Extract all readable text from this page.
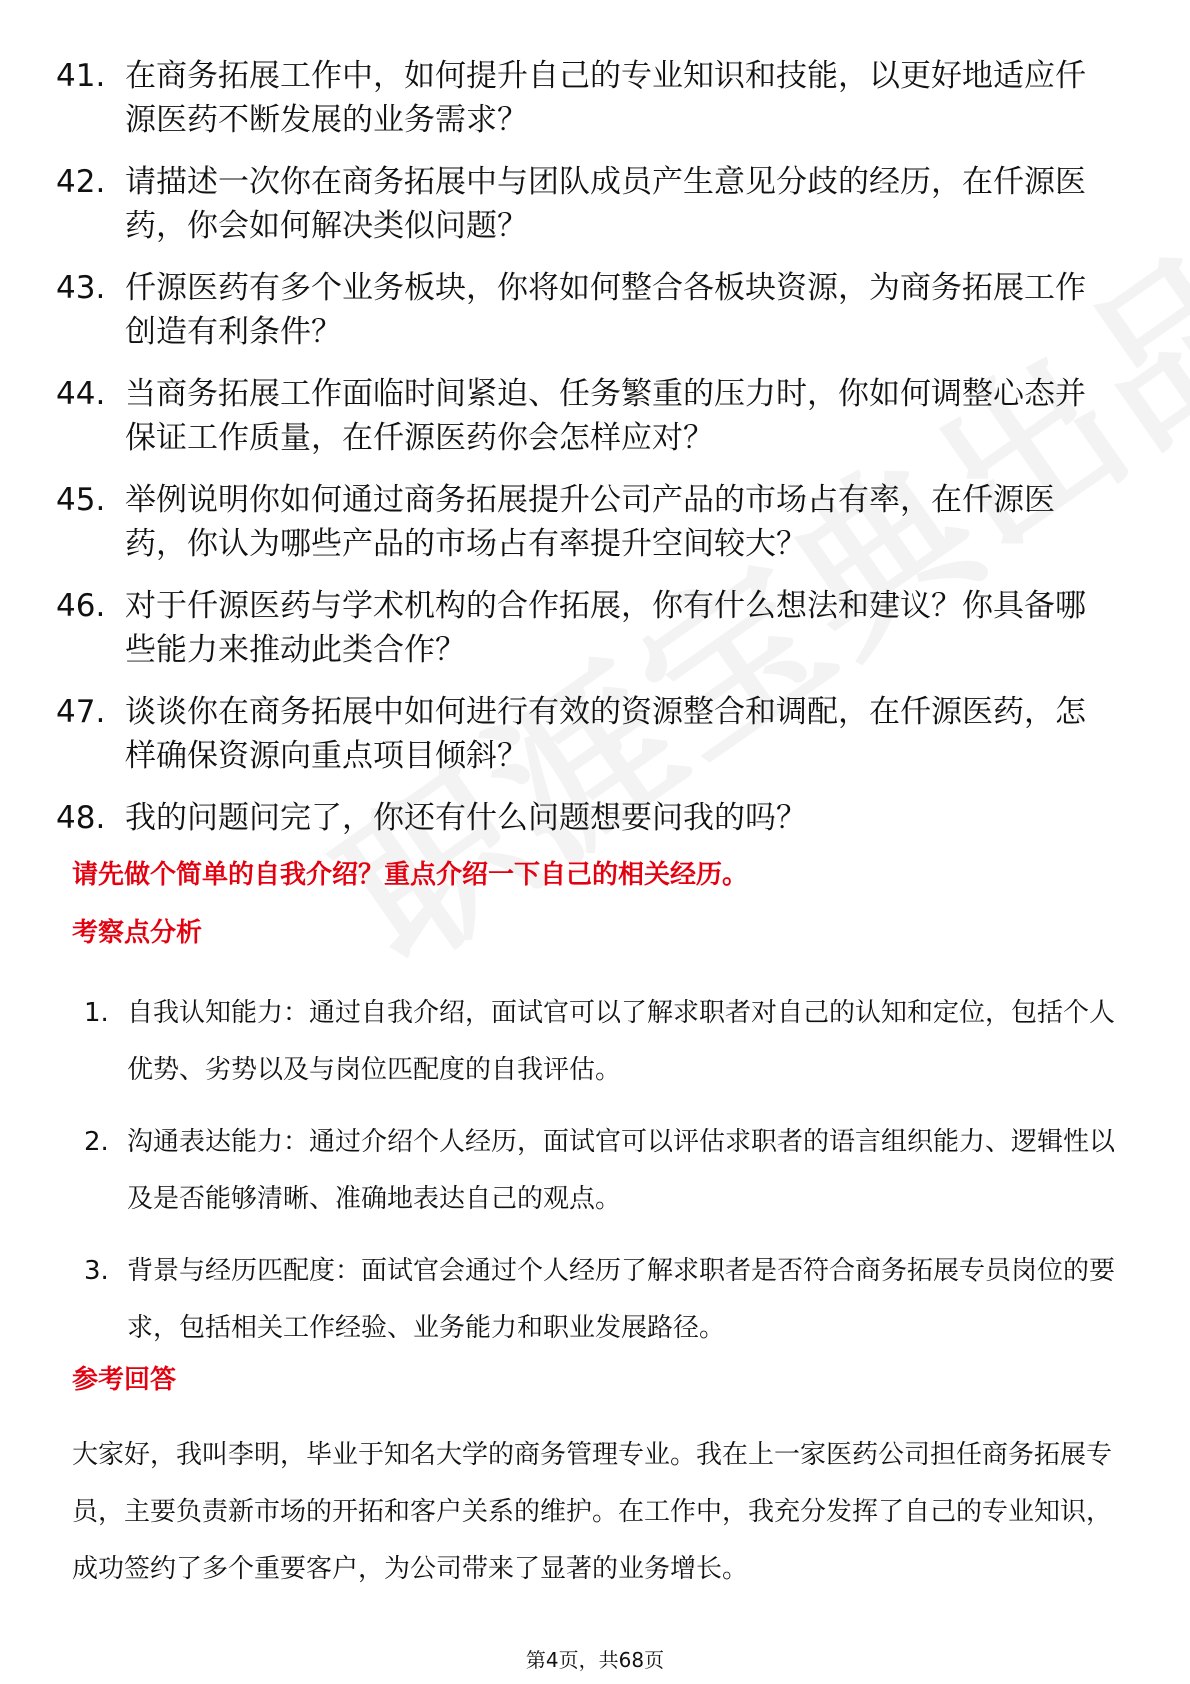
41. 在商务拓展工作中，如何提升自己的专业知识和技能，以更好地适应仟源医药不断发展的业务需求？
42. 请描述一次你在商务拓展中与团队成员产生意见分歧的经历，在仟源医药，你会如何解决类似问题？
43. 仟源医药有多个业务板块，你将如何整合各板块资源，为商务拓展工作创造有利条件？
44. 当商务拓展工作面临时间紧迫、任务繁重的压力时，你如何调整心态并保证工作质量，在仟源医药你会怎样应对？
45. 举例说明你如何通过商务拓展提升公司产品的市场占有率，在仟源医药，你认为哪些产品的市场占有率提升空间较大？
46. 对于仟源医药与学术机构的合作拓展，你有什么想法和建议？你具备哪些能力来推动此类合作？
47. 谈谈你在商务拓展中如何进行有效的资源整合和调配，在仟源医药，怎样确保资源向重点项目倾斜？
48. 我的问题问完了，你还有什么问题想要问我的吗？
请先做个简单的自我介绍？重点介绍一下自己的相关经历。
考察点分析
1. 自我认知能力：通过自我介绍，面试官可以了解求职者对自己的认知和定位，包括个人优势、劣势以及与岗位匹配度的自我评估。
2. 沟通表达能力：通过介绍个人经历，面试官可以评估求职者的语言组织能力、逻辑性以及是否能够清晰、准确地表达自己的观点。
3. 背景与经历匹配度：面试官会通过个人经历了解求职者是否符合商务拓展专员岗位的要求，包括相关工作经验、业务能力和职业发展路径。
参考回答

大家好，我叫李明，毕业于知名大学的商务管理专业。我在上一家医药公司担任商务拓展专员，主要负责新市场的开拓和客户关系的维护。在工作中，我充分发挥了自己的专业知识，成功签约了多个重要客户，为公司带来了显著的业务增长。

第4页，共68页
